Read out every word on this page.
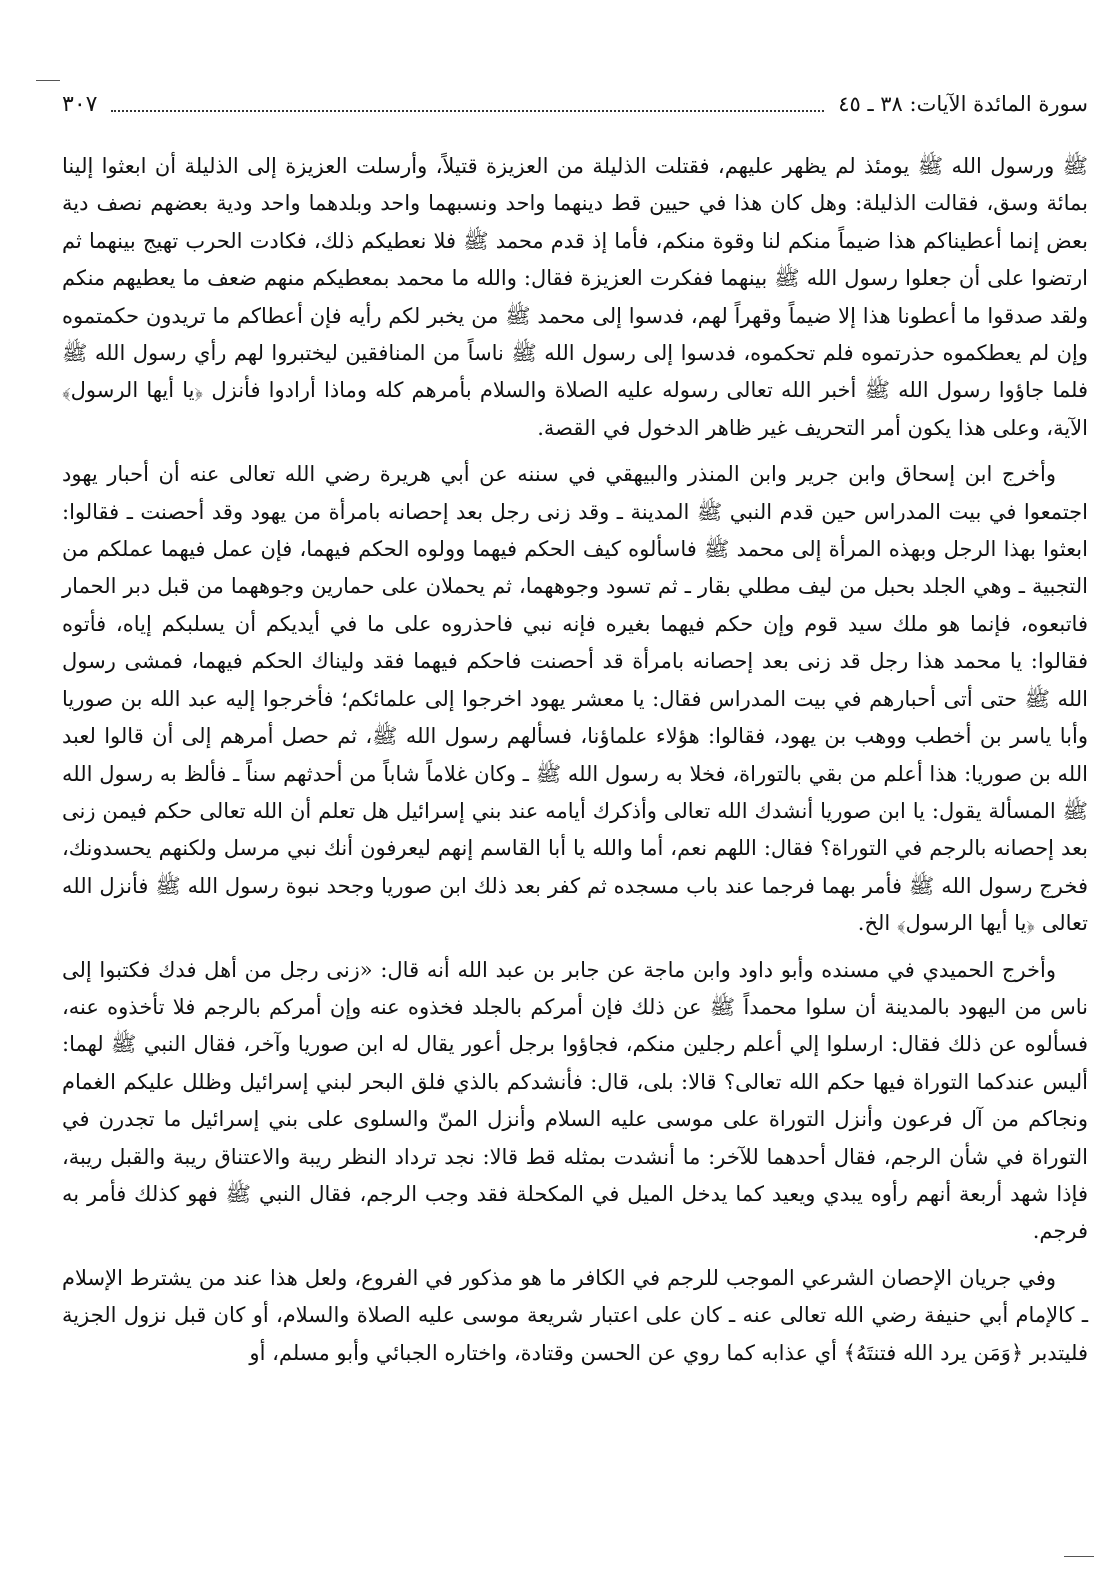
سورة المائدة الآيات: ٣٨ ـ ٤٥
٣٠٧

ﷺ ورسول الله ﷺ يومئذ لم يظهر عليهم، فقتلت الذليلة من العزيزة قتيلاً، وأرسلت العزيزة إلى الذليلة أن ابعثوا إلينا بمائة وسق، فقالت الذليلة: وهل كان هذا في حيين قط دينهما واحد ونسبهما واحد وبلدهما واحد ودية بعضهم نصف دية بعض إنما أعطيناكم هذا ضيماً منكم لنا وقوة منكم، فأما إذ قدم محمد ﷺ فلا نعطيكم ذلك، فكادت الحرب تهيج بينهما ثم ارتضوا على أن جعلوا رسول الله ﷺ بينهما ففكرت العزيزة فقال: والله ما محمد بمعطيكم منهم ضعف ما يعطيهم منكم ولقد صدقوا ما أعطونا هذا إلا ضيماً وقهراً لهم، فدسوا إلى محمد ﷺ من يخبر لكم رأيه فإن أعطاكم ما تريدون حكمتموه وإن لم يعطكموه حذرتموه فلم تحكموه، فدسوا إلى رسول الله ﷺ ناساً من المنافقين ليختبروا لهم رأي رسول الله ﷺ فلما جاؤوا رسول الله ﷺ أخبر الله تعالى رسوله عليه الصلاة والسلام بأمرهم كله وماذا أرادوا فأنزل ﴿يا أيها الرسول﴾ الآية، وعلى هذا يكون أمر التحريف غير ظاهر الدخول في القصة.

وأخرج ابن إسحاق وابن جرير وابن المنذر والبيهقي في سننه عن أبي هريرة رضي الله تعالى عنه أن أحبار يهود اجتمعوا في بيت المدراس حين قدم النبي ﷺ المدينة ـ وقد زنى رجل بعد إحصانه بامرأة من يهود وقد أحصنت ـ فقالوا: ابعثوا بهذا الرجل وبهذه المرأة إلى محمد ﷺ فاسألوه كيف الحكم فيهما وولوه الحكم فيهما، فإن عمل فيهما عملكم من التجبية ـ وهي الجلد بحبل من ليف مطلي بقار ـ ثم تسود وجوههما، ثم يحملان على حمارين وجوههما من قبل دبر الحمار فاتبعوه، فإنما هو ملك سيد قوم وإن حكم فيهما بغيره فإنه نبي فاحذروه على ما في أيديكم أن يسلبكم إياه، فأتوه فقالوا: يا محمد هذا رجل قد زنى بعد إحصانه بامرأة قد أحصنت فاحكم فيهما فقد وليناك الحكم فيهما، فمشى رسول الله ﷺ حتى أتى أحبارهم في بيت المدراس فقال: يا معشر يهود اخرجوا إلى علمائكم؛ فأخرجوا إليه عبد الله بن صوريا وأبا ياسر بن أخطب ووهب بن يهود، فقالوا: هؤلاء علماؤنا، فسألهم رسول الله ﷺ، ثم حصل أمرهم إلى أن قالوا لعبد الله بن صوريا: هذا أعلم من بقي بالتوراة، فخلا به رسول الله ﷺ ـ وكان غلاماً شاباً من أحدثهم سناً ـ فألظ به رسول الله ﷺ المسألة يقول: يا ابن صوريا أنشدك الله تعالى وأذكرك أيامه عند بني إسرائيل هل تعلم أن الله تعالى حكم فيمن زنى بعد إحصانه بالرجم في التوراة؟ فقال: اللهم نعم، أما والله يا أبا القاسم إنهم ليعرفون أنك نبي مرسل ولكنهم يحسدونك، فخرج رسول الله ﷺ فأمر بهما فرجما عند باب مسجده ثم كفر بعد ذلك ابن صوريا وجحد نبوة رسول الله ﷺ فأنزل الله تعالى ﴿يا أيها الرسول﴾ الخ.

وأخرج الحميدي في مسنده وأبو داود وابن ماجة عن جابر بن عبد الله أنه قال: «زنى رجل من أهل فدك فكتبوا إلى ناس من اليهود بالمدينة أن سلوا محمداً ﷺ عن ذلك فإن أمركم بالجلد فخذوه عنه وإن أمركم بالرجم فلا تأخذوه عنه، فسألوه عن ذلك فقال: ارسلوا إلي أعلم رجلين منكم، فجاؤوا برجل أعور يقال له ابن صوريا وآخر، فقال النبي ﷺ لهما: أليس عندكما التوراة فيها حكم الله تعالى؟ قالا: بلى، قال: فأنشدكم بالذي فلق البحر لبني إسرائيل وظلل عليكم الغمام ونجاكم من آل فرعون وأنزل التوراة على موسى عليه السلام وأنزل المنّ والسلوى على بني إسرائيل ما تجدرن في التوراة في شأن الرجم، فقال أحدهما للآخر: ما أنشدت بمثله قط قالا: نجد ترداد النظر ريبة والاعتناق ريبة والقبل ريبة، فإذا شهد أربعة أنهم رأوه يبدي ويعيد كما يدخل الميل في المكحلة فقد وجب الرجم، فقال النبي ﷺ فهو كذلك فأمر به فرجم.

وفي جريان الإحصان الشرعي الموجب للرجم في الكافر ما هو مذكور في الفروع، ولعل هذا عند من يشترط الإسلام ـ كالإمام أبي حنيفة رضي الله تعالى عنه ـ كان على اعتبار شريعة موسى عليه الصلاة والسلام، أو كان قبل نزول الجزية فليتدبر ﴿وَمَن يرد الله فتنتَهُ﴾ أي عذابه كما روي عن الحسن وقتادة، واختاره الجبائي وأبو مسلم، أو
